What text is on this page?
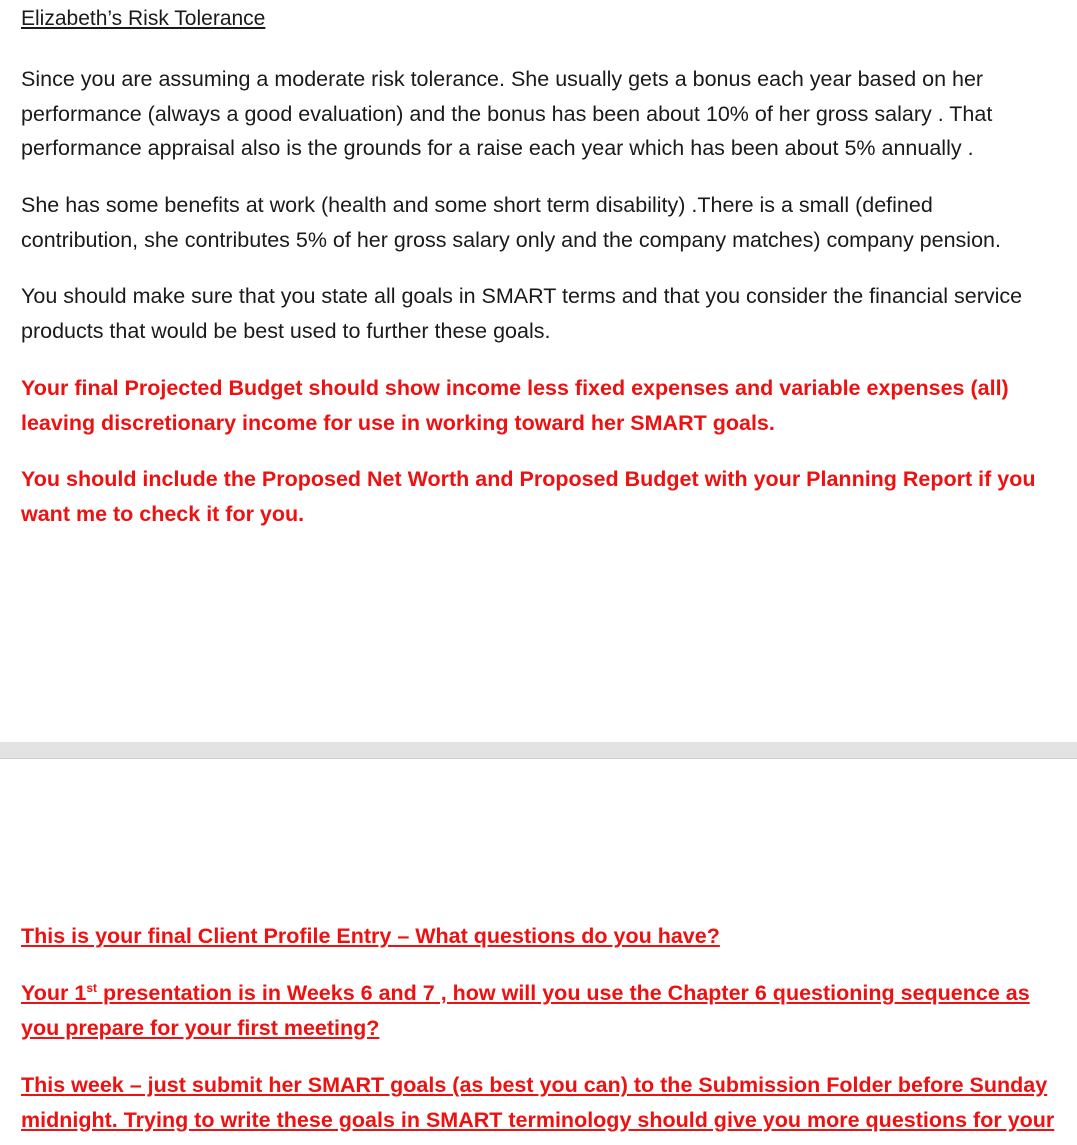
Elizabeth’s Risk Tolerance

Since you are assuming a moderate risk tolerance. She usually gets a bonus each year based on her
performance (always a good evaluation) and the bonus has been about 10% of her gross salary . That
performance appraisal also is the grounds for a raise each year which has been about 5% annually .

She has some benefits at work (health and some short term disability) .There is a small (defined
contribution, she contributes 5% of her gross salary only and the company matches) company pension.

You should make sure that you state all goals in SMART terms and that you consider the financial service
products that would be best used to further these goals.

Your final Projected Budget should show income less fixed expenses and variable expenses (all)
leaving discretionary income for use in working toward her SMART goals.

You should include the Proposed Net Worth and Proposed Budget with your Planning Report if you
want me to check it for you.

This is your final Client Profile Entry – What questions do you have?

Your 1st presentation is in Weeks 6 and 7 , how will you use the Chapter 6 questioning sequence as
you prepare for your first meeting?

This week – just submit her SMART goals (as best you can) to the Submission Folder before Sunday
midnight. Trying to write these goals in SMART terminology should give you more questions for your
